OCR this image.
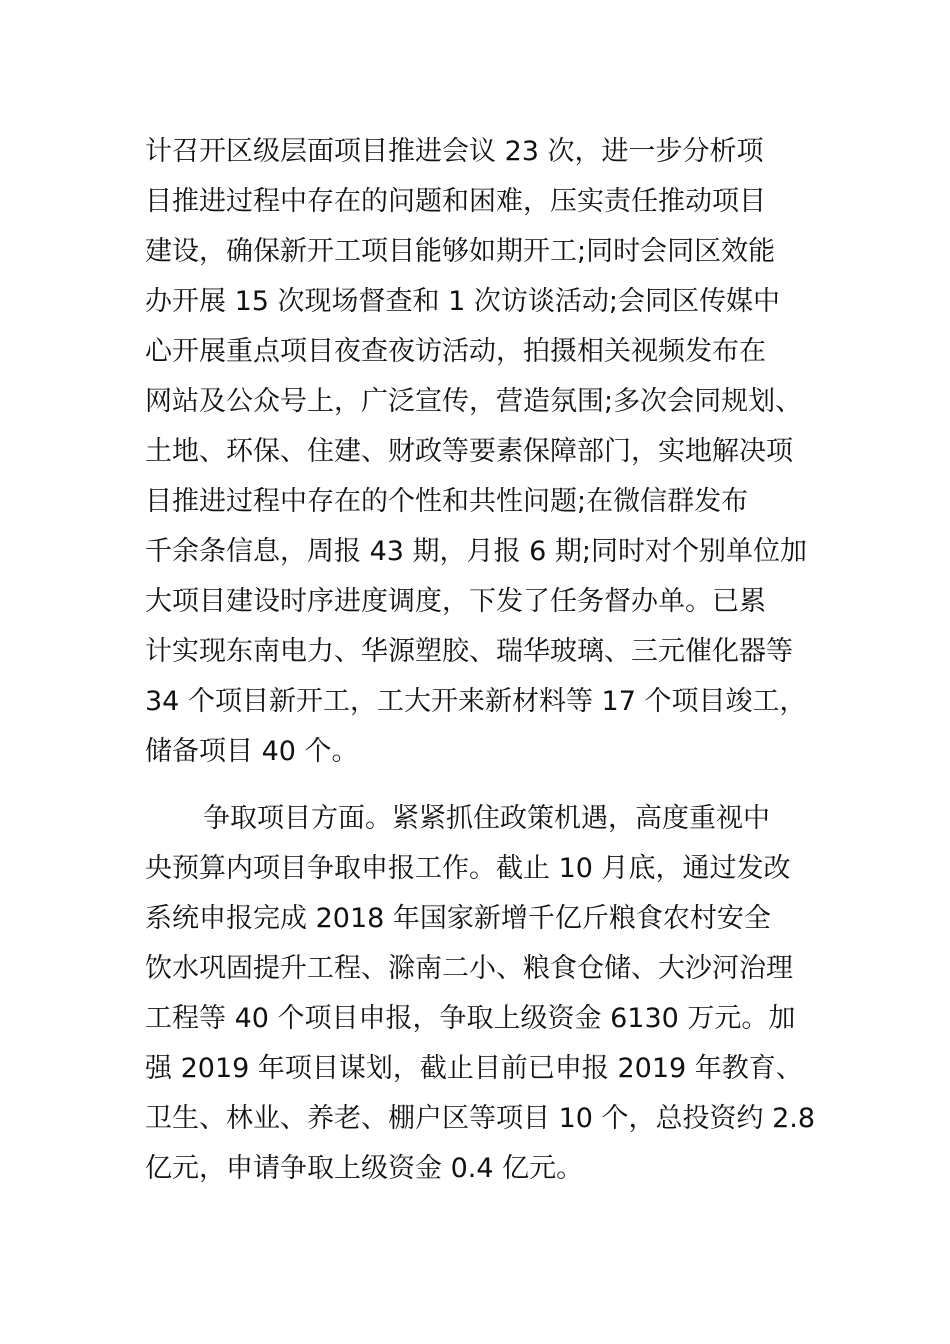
计召开区级层面项目推进会议 23 次，进一步分析项
目推进过程中存在的问题和困难，压实责任推动项目
建设，确保新开工项目能够如期开工;同时会同区效能
办开展 15 次现场督查和 1 次访谈活动;会同区传媒中
心开展重点项目夜查夜访活动，拍摄相关视频发布在
网站及公众号上，广泛宣传，营造氛围;多次会同规划、
土地、环保、住建、财政等要素保障部门，实地解决项
目推进过程中存在的个性和共性问题;在微信群发布
千余条信息，周报 43 期，月报 6 期;同时对个别单位加
大项目建设时序进度调度，下发了任务督办单。已累
计实现东南电力、华源塑胶、瑞华玻璃、三元催化器等
34 个项目新开工，工大开来新材料等 17 个项目竣工，
储备项目 40 个。
争取项目方面。紧紧抓住政策机遇，高度重视中
央预算内项目争取申报工作。截止 10 月底，通过发改
系统申报完成 2018 年国家新增千亿斤粮食农村安全
饮水巩固提升工程、滁南二小、粮食仓储、大沙河治理
工程等 40 个项目申报，争取上级资金 6130 万元。加
强 2019 年项目谋划，截止目前已申报 2019 年教育、
卫生、林业、养老、棚户区等项目 10 个，总投资约 2.8
亿元，申请争取上级资金 0.4 亿元。
